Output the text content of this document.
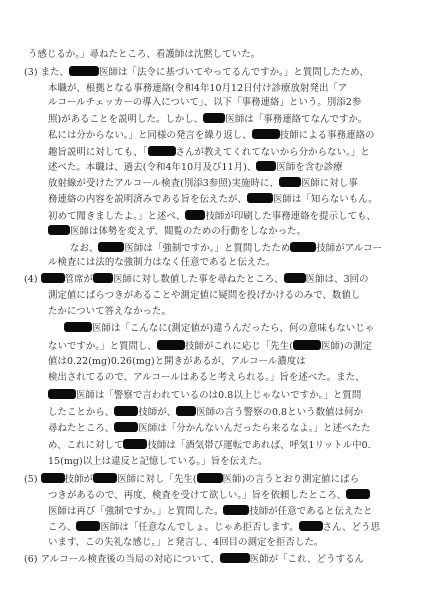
う感じるか。」尋ねたところ、看護師は沈黙していた。
(3) また、	医師は「法令に基づいてやってるんですか。」と質問したため、
本職が、根拠となる事務連絡(令和4年10月12日付け診療放射発出「ア
ルコールチェッカーの導入について」、以下「事務連絡」という。別添2参
照)があることを説明した。しかし、 医師は「事務連絡てなんですか。
私には分からない。」と同様の発言を繰り返し、	技師による事務連絡の
趣旨説明に対しても、「	さんが教えてくれてないから分からない。」と
述べた。本職は、過去(令和4年10月及び11月)、 医師を含む診療
放射線が受けたアルコール検査(別添3参照)実施時に、 医師に対し事
務連絡の内容を説明済みである旨を伝えたが、	医師は「知らないもん。
初めて聞きましたよ。」と述べ、 技師が印刷した事務連絡を提示しても、
医師は体勢を変えず、閲覧のための行動をしなかった。
なお、	医師は「強制ですか。」と質問したため	技師がアルコー
ル検査には法的な強制力はなく任意であると伝えた。
(4)	管席が 医師に対し数値した事を尋ねたところ、 医師は、3回の
測定値にばらつきがあることや測定値に疑問を投げかけるのみで、数値し
たかについて答えなかった。
医師は「こんなに(測定値が)違うんだったら、何の意味もないじゃ
ないですか。」と質問し、	技師がこれに応じ「先生(	医師)の測定
値は0.22(mg)0.26(mg)と開きがあるが、アルコール濃度は
検出されてるので、アルコールはあると考えられる。」旨を述べた。また、
医師は「警察で言われているのは0.8以上じゃないですか。」と質問
したことから、	技師が、 医師の言う警察の0.8という数値は何か
尋ねたところ、	医師は「分かんないんだったら来るなよ。」と述べたた
め、これに対して	技師は「酒気帯び運転であれば、呼気1リットル中0.
15(mg)以上は違反と記憶している。」旨を伝えた。
(5)	技師が	医師に対し「先生(	医師)の言うとおり測定値にばら
つきがあるので、再度、検査を受けて欲しい。」旨を依頼したところ、
医師は再び「強制ですか。」と質問した。	技師が任意であると伝えたと
ころ、	医師は「任意なんでしょ。じゃあ拒否します。	さん、どう思
います、この失礼な感じ。」と発言し、4回目の測定を拒否した。
(6) アルコール検査後の当局の対応について、	医師が「これ、どうするん
